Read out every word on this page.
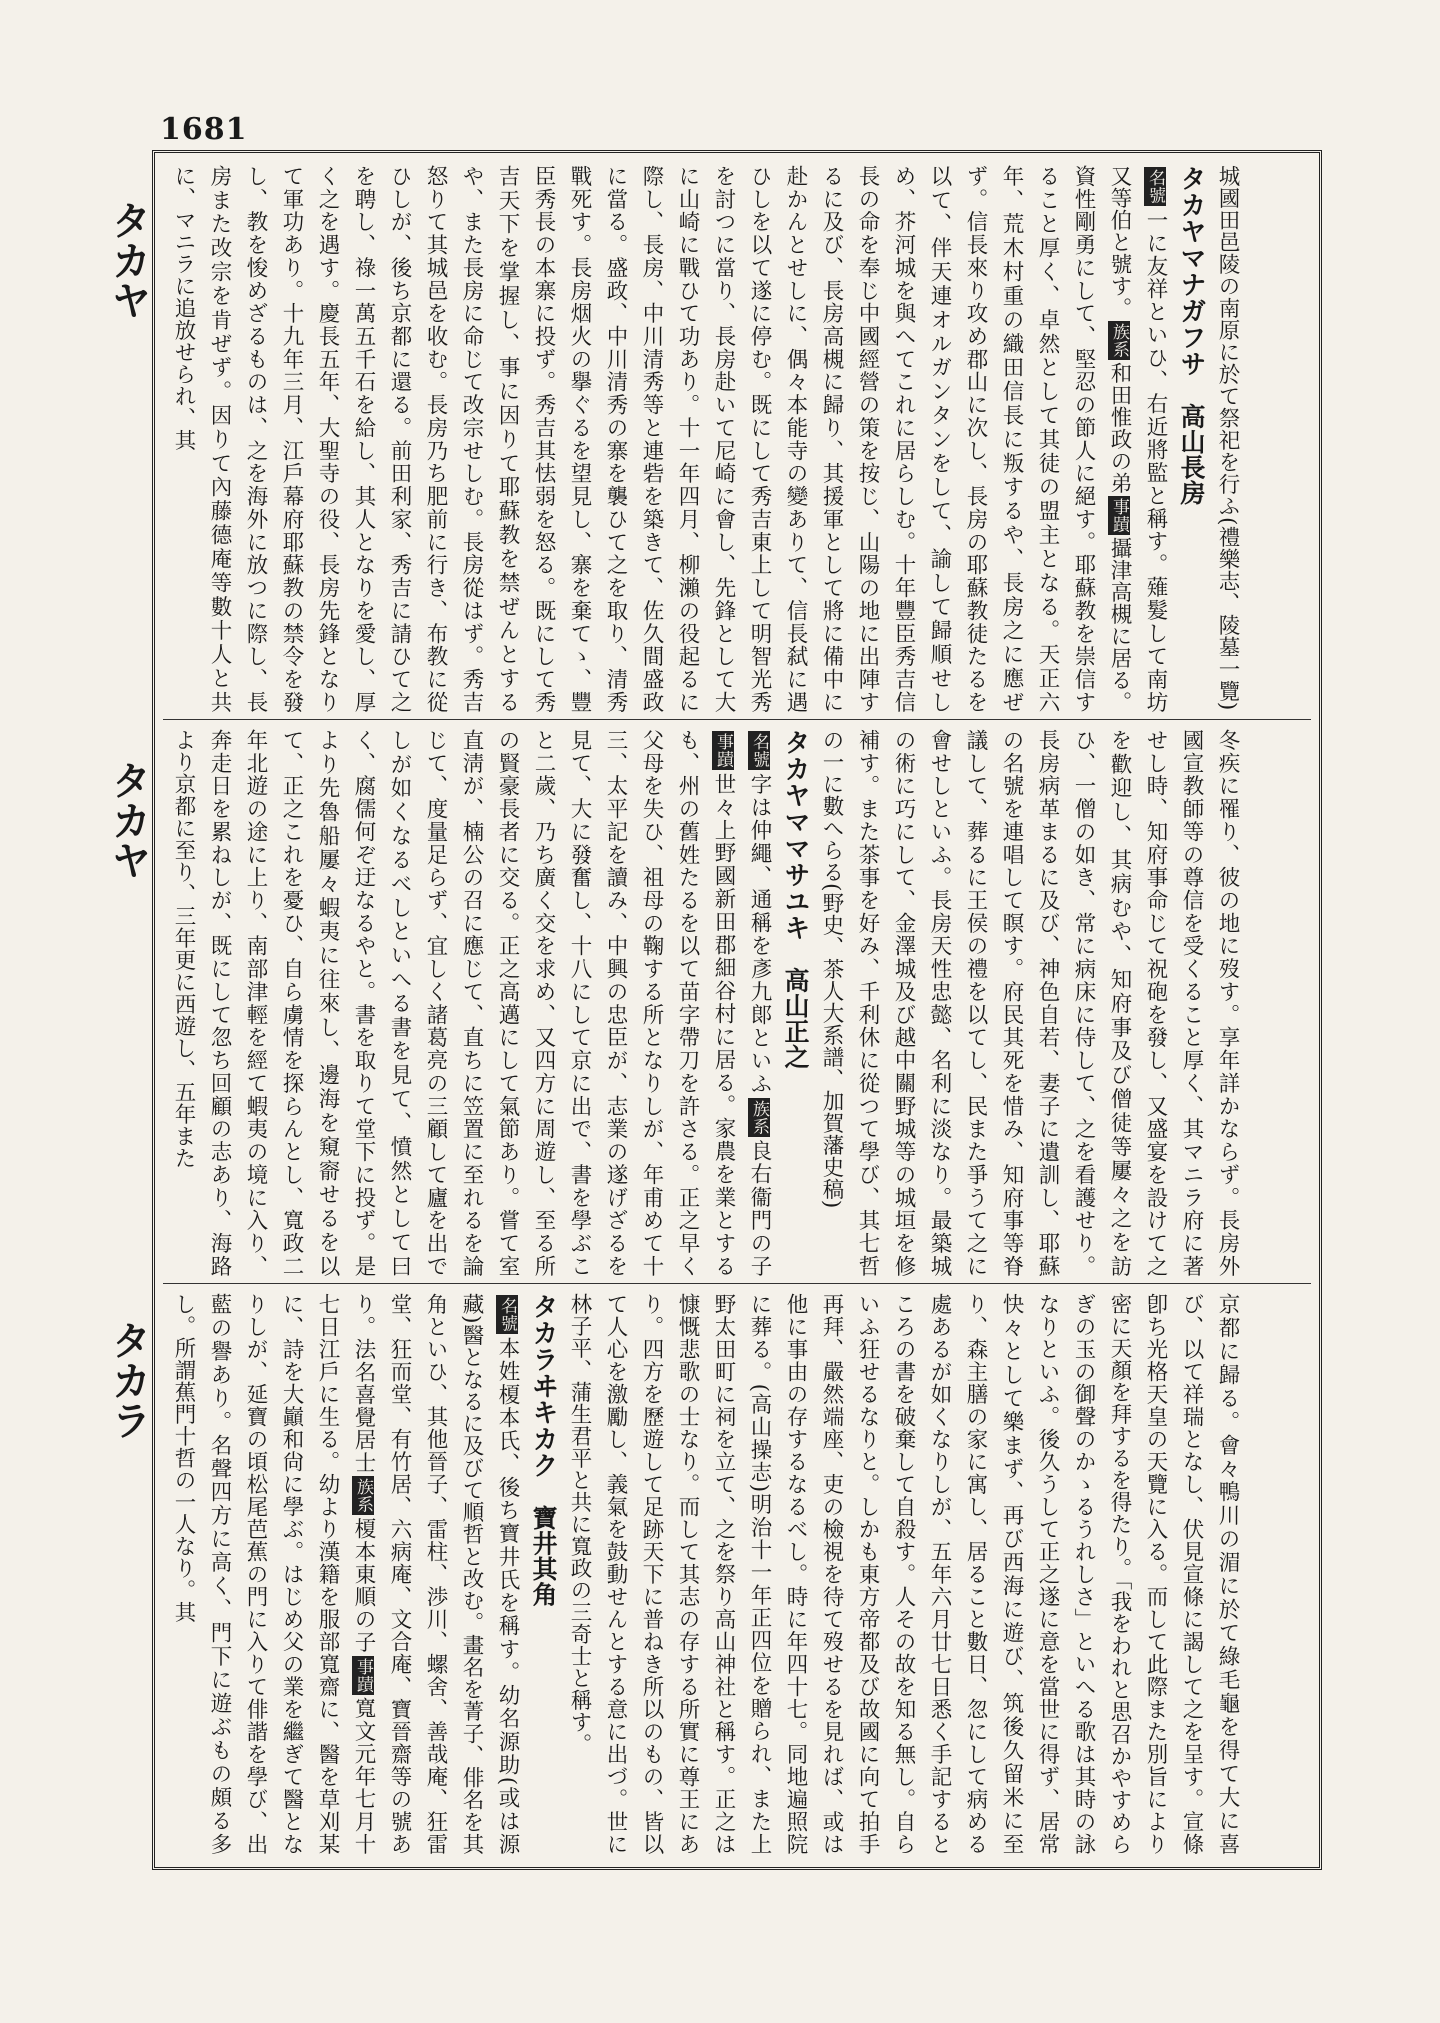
1681
タカヤ
タカヤ
タカラ
城國田邑陵の南原に於て祭祀を行ふ(禮樂志、陵墓一覽)
タカヤマナガフサ　高山長房
名號一に友祥といひ、右近將監と稱す。薙髮して南坊又等伯と號す。族系和田惟政の弟事蹟攝津高槻に居る。資性剛勇にして、堅忍の節人に絕す。耶蘇教を崇信すること厚く、卓然として其徒の盟主となる。天正六年、荒木村重の織田信長に叛するや、長房之に應ぜず。信長來り攻め郡山に次し、長房の耶蘇教徒たるを以て、伴天連オルガンタンをして、諭して歸順せしめ、芥河城を與へてこれに居らしむ。十年豐臣秀吉信長の命を奉じ中國經營の策を按じ、山陽の地に出陣するに及び、長房高槻に歸り、其援軍として將に備中に赴かんとせしに、偶々本能寺の變ありて、信長弑に遇ひしを以て遂に停む。既にして秀吉東上して明智光秀を討つに當り、長房赴いて尼崎に會し、先鋒として大に山崎に戰ひて功あり。十一年四月、柳瀨の役起るに際し、長房、中川清秀等と連砦を築きて、佐久間盛政に當る。盛政、中川清秀の寨を襲ひて之を取り、清秀戰死す。長房烟火の擧ぐるを望見し、寨を棄てゝ、豐臣秀長の本寨に投ず。秀吉其怯弱を怒る。既にして秀吉天下を掌握し、事に因りて耶蘇教を禁ぜんとするや、また長房に命じて改宗せしむ。長房從はず。秀吉怒りて其城邑を收む。長房乃ち肥前に行き、布教に從ひしが、後ち京都に還る。前田利家、秀吉に請ひて之を聘し、祿一萬五千石を給し、其人となりを愛し、厚く之を遇す。慶長五年、大聖寺の役、長房先鋒となりて軍功あり。十九年三月、江戶幕府耶蘇教の禁令を發し、教を悛めざるものは、之を海外に放つに際し、長房また改宗を肯ぜず。因りて內藤德庵等數十人と共に、マニラに追放せられ、其
冬疾に罹り、彼の地に歿す。享年詳かならず。長房外國宣教師等の尊信を受くること厚く、其マニラ府に著せし時、知府事命じて祝砲を發し、又盛宴を設けて之を歡迎し、其病むや、知府事及び僧徒等屢々之を訪ひ、一僧の如き、常に病床に侍して、之を看護せり。長房病革まるに及び、神色自若、妻子に遺訓し、耶蘇の名號を連唱して瞑す。府民其死を惜み、知府事等脊議して、葬るに王侯の禮を以てし、民また爭うて之に會せしといふ。長房天性忠懿、名利に淡なり。最築城の術に巧にして、金澤城及び越中關野城等の城垣を修補す。また茶事を好み、千利休に從つて學び、其七哲の一に數へらる(野史、茶人大系譜、加賀藩史稿)
タカヤママサユキ　高山正之
名號字は仲繩、通稱を彥九郞といふ族系良右衞門の子事蹟世々上野國新田郡細谷村に居る。家農を業とするも、州の舊姓たるを以て苗字帶刀を許さる。正之早く父母を失ひ、祖母の鞠する所となりしが、年甫めて十三、太平記を讀み、中興の忠臣が、志業の遂げざるを見て、大に發奮し、十八にして京に出で、書を學ぶこと二歲、乃ち廣く交を求め、又四方に周遊し、至る所の賢豪長者に交る。正之高邁にして氣節あり。嘗て室直淸が、楠公の召に應じて、直ちに笠置に至れるを論じて、度量足らず、宜しく諸葛亮の三顧して廬を出でしが如くなるべしといへる書を見て、憤然として曰く、腐儒何ぞ迂なるやと。書を取りて堂下に投ず。是より先魯船屢々蝦夷に往來し、邊海を窺窬せるを以て、正之これを憂ひ、自ら虜情を探らんとし、寬政二年北遊の途に上り、南部津輕を經て蝦夷の境に入り、奔走日を累ねしが、既にして忽ち回顧の志あり、海路より京都に至り、三年更に西遊し、五年また
京都に歸る。會々鴨川の湄に於て綠毛龜を得て大に喜び、以て祥瑞となし、伏見宣條に謁して之を呈す。宣條卽ち光格天皇の天覽に入る。而して此際また別旨により密に天顏を拜するを得たり。「我をわれと思召かやすめらぎの玉の御聲のかゝるうれしさ」といへる歌は其時の詠なりといふ。後久うして正之遂に意を當世に得ず、居常快々として樂まず、再び西海に遊び、筑後久留米に至り、森主膳の家に寓し、居ること數日、忽にして病める處あるが如くなりしが、五年六月廿七日悉く手記するところの書を破棄して自殺す。人その故を知る無し。自らいふ狂せるなりと。しかも東方帝都及び故國に向て拍手再拜、嚴然端座、吏の檢視を待て歿せるを見れば、或は他に事由の存するなるべし。時に年四十七。同地遍照院に葬る。(高山操志)明治十一年正四位を贈られ、また上野太田町に祠を立て、之を祭り高山神社と稱す。正之は慷慨悲歌の士なり。而して其志の存する所實に尊王にあり。四方を歷遊して足跡天下に普ねき所以のもの、皆以て人心を激勵し、義氣を鼓動せんとする意に出づ。世に林子平、蒲生君平と共に寬政の三奇士と稱す。
タカラヰキカク　寶井其角
名號本姓榎本氏、後ち寶井氏を稱す。幼名源助(或は源藏)醫となるに及びて順哲と改む。畫名を菁子、俳名を其角といひ、其他晉子、雷柱、渉川、螺舍、善哉庵、狂雷堂、狂而堂、有竹居、六病庵、文合庵、寶晉齋等の號あり。法名喜覺居士族系榎本東順の子事蹟寬文元年七月十七日江戶に生る。幼より漢籍を服部寬齋に、醫を草刈某に、詩を大巓和尙に學ぶ。はじめ父の業を繼ぎて醫となりしが、延寶の頃松尾芭蕉の門に入りて俳諧を學び、出藍の譽あり。名聲四方に高く、門下に遊ぶもの頗る多し。所謂蕉門十哲の一人なり。其
